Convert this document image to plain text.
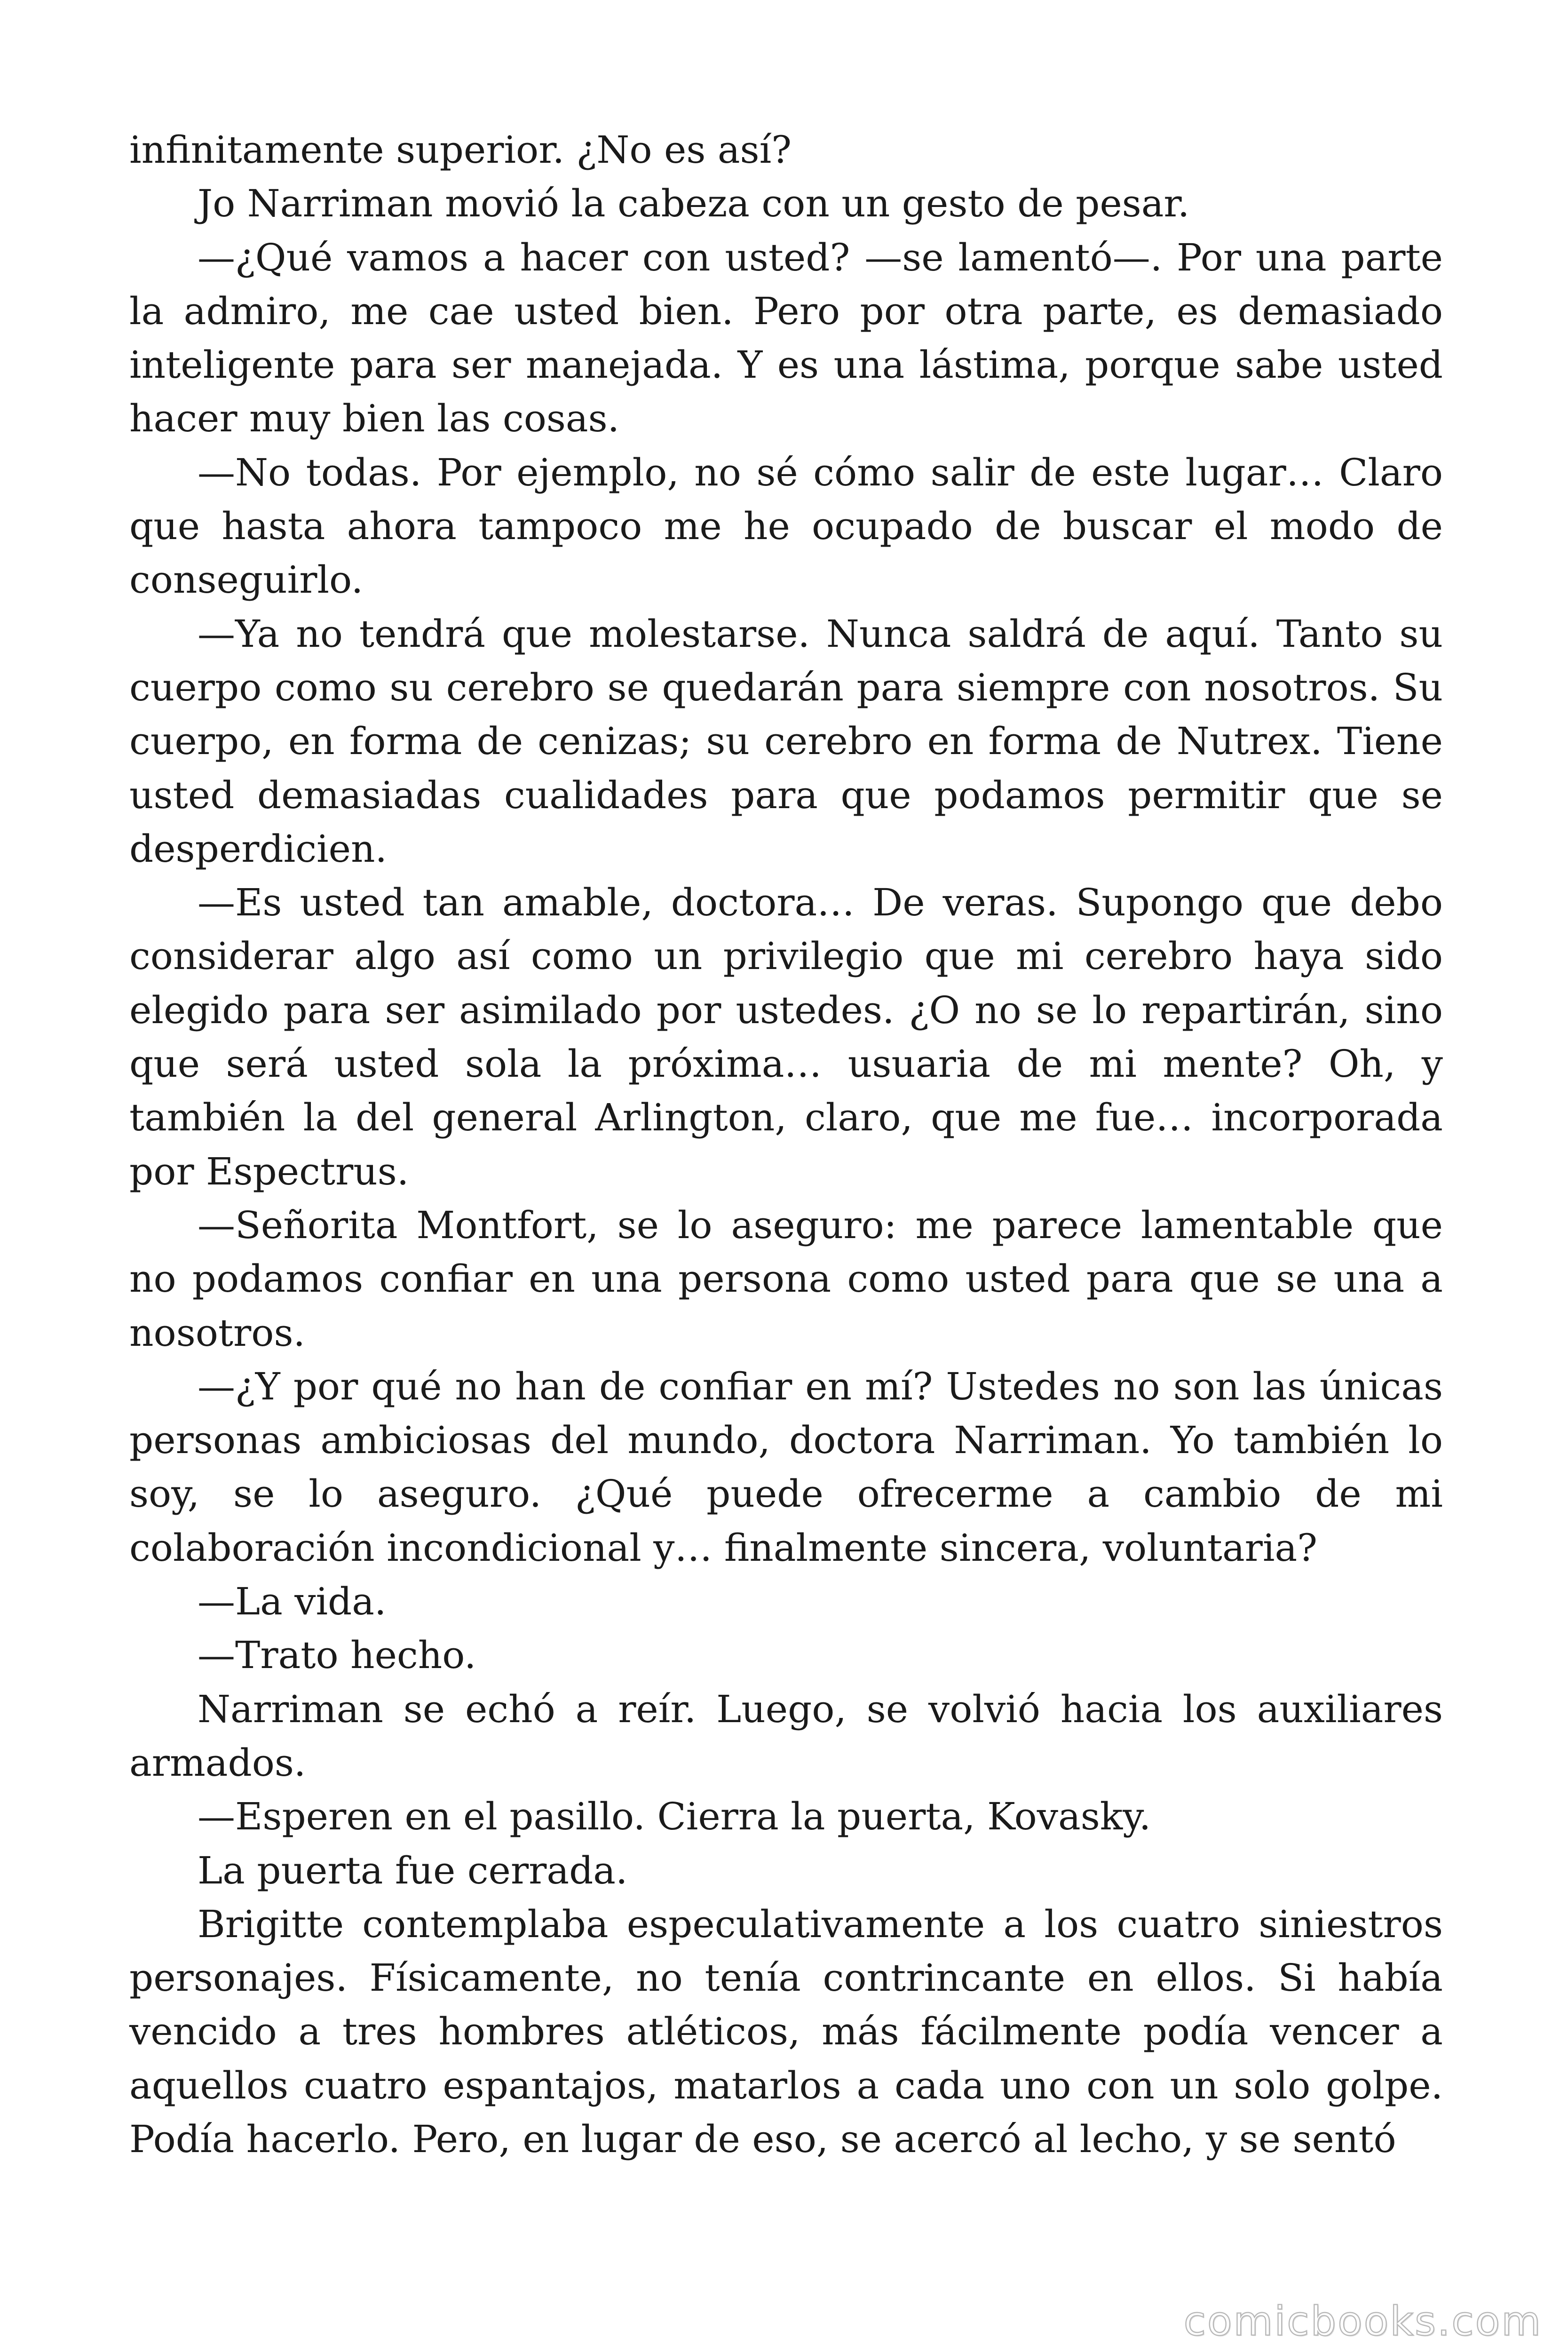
infinitamente superior. ¿No es así?

Jo Narriman movió la cabeza con un gesto de pesar.

—¿Qué vamos a hacer con usted? —se lamentó—. Por una parte la admiro, me cae usted bien. Pero por otra parte, es demasiado inteligente para ser manejada. Y es una lástima, porque sabe usted hacer muy bien las cosas.

—No todas. Por ejemplo, no sé cómo salir de este lugar… Claro que hasta ahora tampoco me he ocupado de buscar el modo de conseguirlo.

—Ya no tendrá que molestarse. Nunca saldrá de aquí. Tanto su cuerpo como su cerebro se quedarán para siempre con nosotros. Su cuerpo, en forma de cenizas; su cerebro en forma de Nutrex. Tiene usted demasiadas cualidades para que podamos permitir que se desperdicien.

—Es usted tan amable, doctora… De veras. Supongo que debo considerar algo así como un privilegio que mi cerebro haya sido elegido para ser asimilado por ustedes. ¿O no se lo repartirán, sino que será usted sola la próxima… usuaria de mi mente? Oh, y también la del general Arlington, claro, que me fue… incorporada por Espectrus.

—Señorita Montfort, se lo aseguro: me parece lamentable que no podamos confiar en una persona como usted para que se una a nosotros.

—¿Y por qué no han de confiar en mí? Ustedes no son las únicas personas ambiciosas del mundo, doctora Narriman. Yo también lo soy, se lo aseguro. ¿Qué puede ofrecerme a cambio de mi colaboración incondicional y… finalmente sincera, voluntaria?

—La vida.

—Trato hecho.

Narriman se echó a reír. Luego, se volvió hacia los auxiliares armados.

—Esperen en el pasillo. Cierra la puerta, Kovasky.

La puerta fue cerrada.

Brigitte contemplaba especulativamente a los cuatro siniestros personajes. Físicamente, no tenía contrincante en ellos. Si había vencido a tres hombres atléticos, más fácilmente podía vencer a aquellos cuatro espantajos, matarlos a cada uno con un solo golpe. Podía hacerlo. Pero, en lugar de eso, se acercó al lecho, y se sentó

comicbooks.com
